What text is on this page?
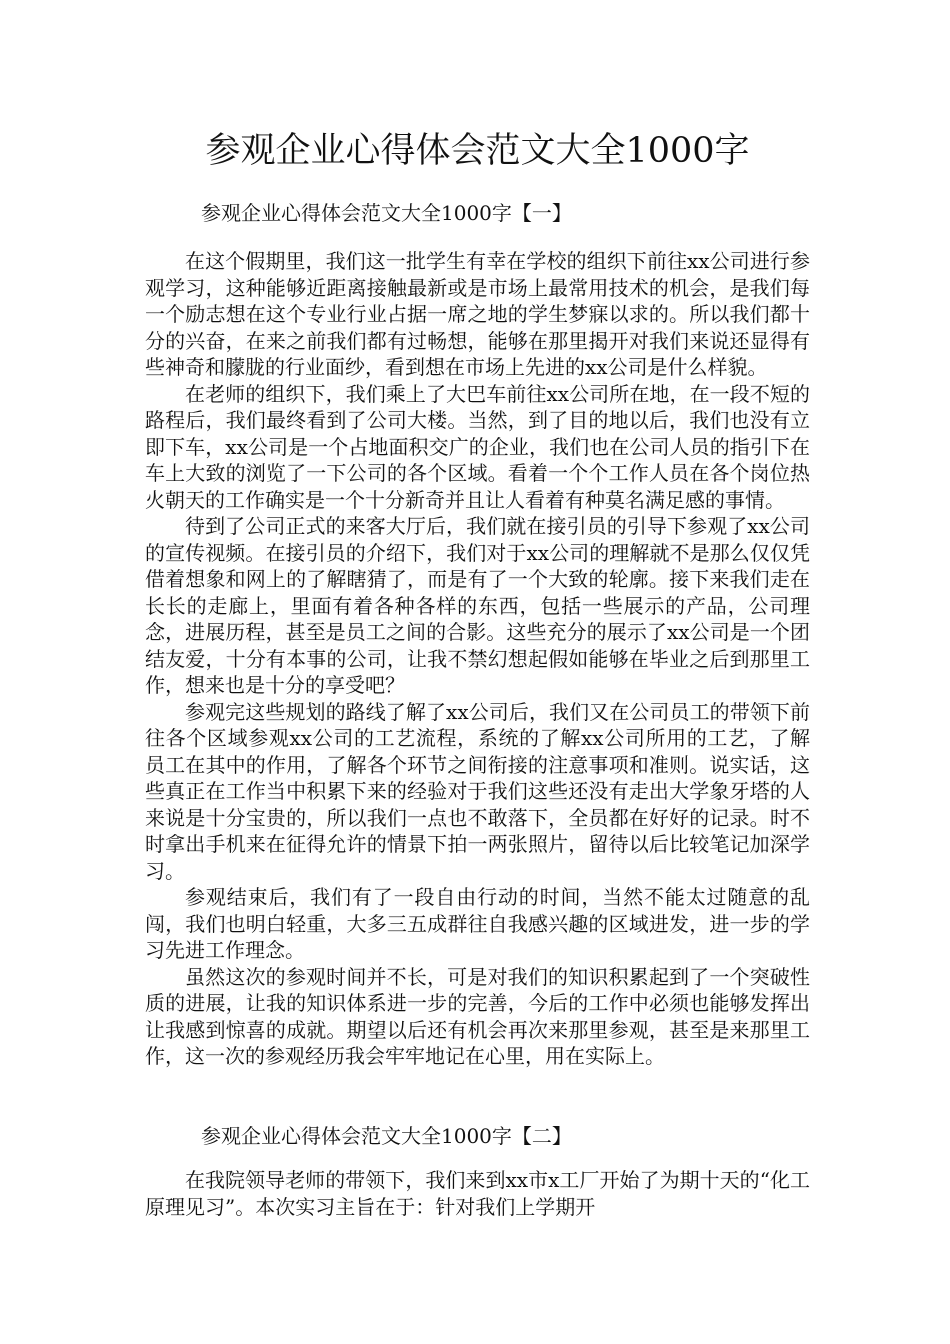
参观企业心得体会范文大全1000字
参观企业心得体会范文大全1000字【一】

在这个假期里，我们这一批学生有幸在学校的组织下前往xx公司进行参观学习，这种能够近距离接触最新或是市场上最常用技术的机会，是我们每一个励志想在这个专业行业占据一席之地的学生梦寐以求的。所以我们都十分的兴奋，在来之前我们都有过畅想，能够在那里揭开对我们来说还显得有些神奇和朦胧的行业面纱，看到想在市场上先进的xx公司是什么样貌。

在老师的组织下，我们乘上了大巴车前往xx公司所在地，在一段不短的路程后，我们最终看到了公司大楼。当然，到了目的地以后，我们也没有立即下车，xx公司是一个占地面积交广的企业，我们也在公司人员的指引下在车上大致的浏览了一下公司的各个区域。看着一个个工作人员在各个岗位热火朝天的工作确实是一个十分新奇并且让人看着有种莫名满足感的事情。

待到了公司正式的来客大厅后，我们就在接引员的引导下参观了xx公司的宣传视频。在接引员的介绍下，我们对于xx公司的理解就不是那么仅仅凭借着想象和网上的了解瞎猜了，而是有了一个大致的轮廓。接下来我们走在长长的走廊上，里面有着各种各样的东西，包括一些展示的产品，公司理念，进展历程，甚至是员工之间的合影。这些充分的展示了xx公司是一个团结友爱，十分有本事的公司，让我不禁幻想起假如能够在毕业之后到那里工作，想来也是十分的享受吧？

参观完这些规划的路线了解了xx公司后，我们又在公司员工的带领下前往各个区域参观xx公司的工艺流程，系统的了解xx公司所用的工艺，了解员工在其中的作用，了解各个环节之间衔接的注意事项和准则。说实话，这些真正在工作当中积累下来的经验对于我们这些还没有走出大学象牙塔的人来说是十分宝贵的，所以我们一点也不敢落下，全员都在好好的记录。时不时拿出手机来在征得允许的情景下拍一两张照片，留待以后比较笔记加深学习。

参观结束后，我们有了一段自由行动的时间，当然不能太过随意的乱闯，我们也明白轻重，大多三五成群往自我感兴趣的区域进发，进一步的学习先进工作理念。

虽然这次的参观时间并不长，可是对我们的知识积累起到了一个突破性质的进展，让我的知识体系进一步的完善，今后的工作中必须也能够发挥出让我感到惊喜的成就。期望以后还有机会再次来那里参观，甚至是来那里工作，这一次的参观经历我会牢牢地记在心里，用在实际上。

参观企业心得体会范文大全1000字【二】

在我院领导老师的带领下，我们来到xx市x工厂开始了为期十天的“化工原理见习”。本次实习主旨在于：针对我们上学期开
